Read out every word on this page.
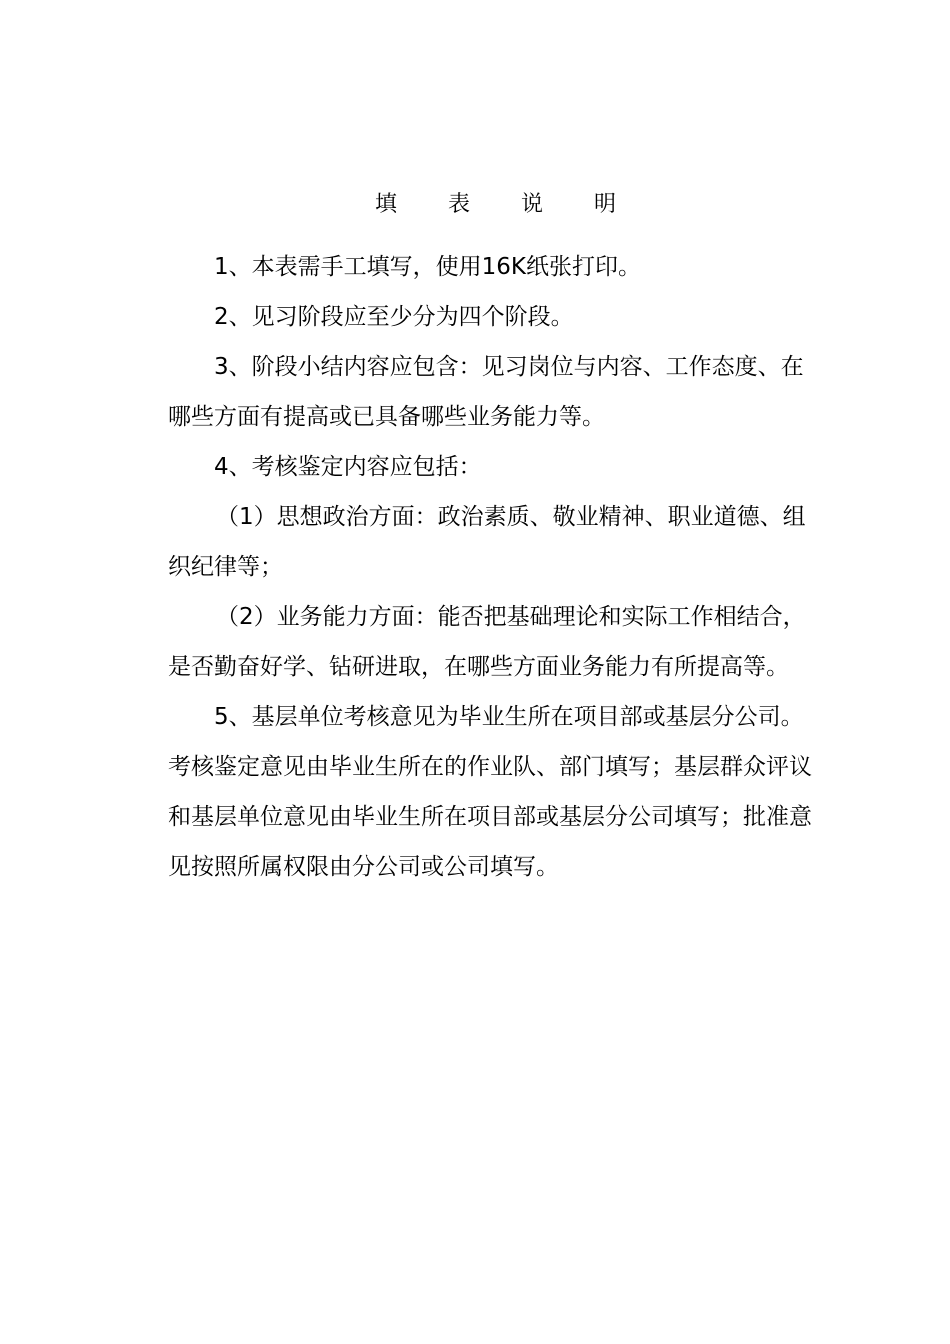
填 表 说 明

1、本表需手工填写，使用16K纸张打印。

2、见习阶段应至少分为四个阶段。

3、阶段小结内容应包含：见习岗位与内容、工作态度、在哪些方面有提高或已具备哪些业务能力等。

4、考核鉴定内容应包括：

（1）思想政治方面：政治素质、敬业精神、职业道德、组织纪律等；

（2）业务能力方面：能否把基础理论和实际工作相结合，是否勤奋好学、钻研进取，在哪些方面业务能力有所提高等。

5、基层单位考核意见为毕业生所在项目部或基层分公司。考核鉴定意见由毕业生所在的作业队、部门填写；基层群众评议和基层单位意见由毕业生所在项目部或基层分公司填写；批准意见按照所属权限由分公司或公司填写。
